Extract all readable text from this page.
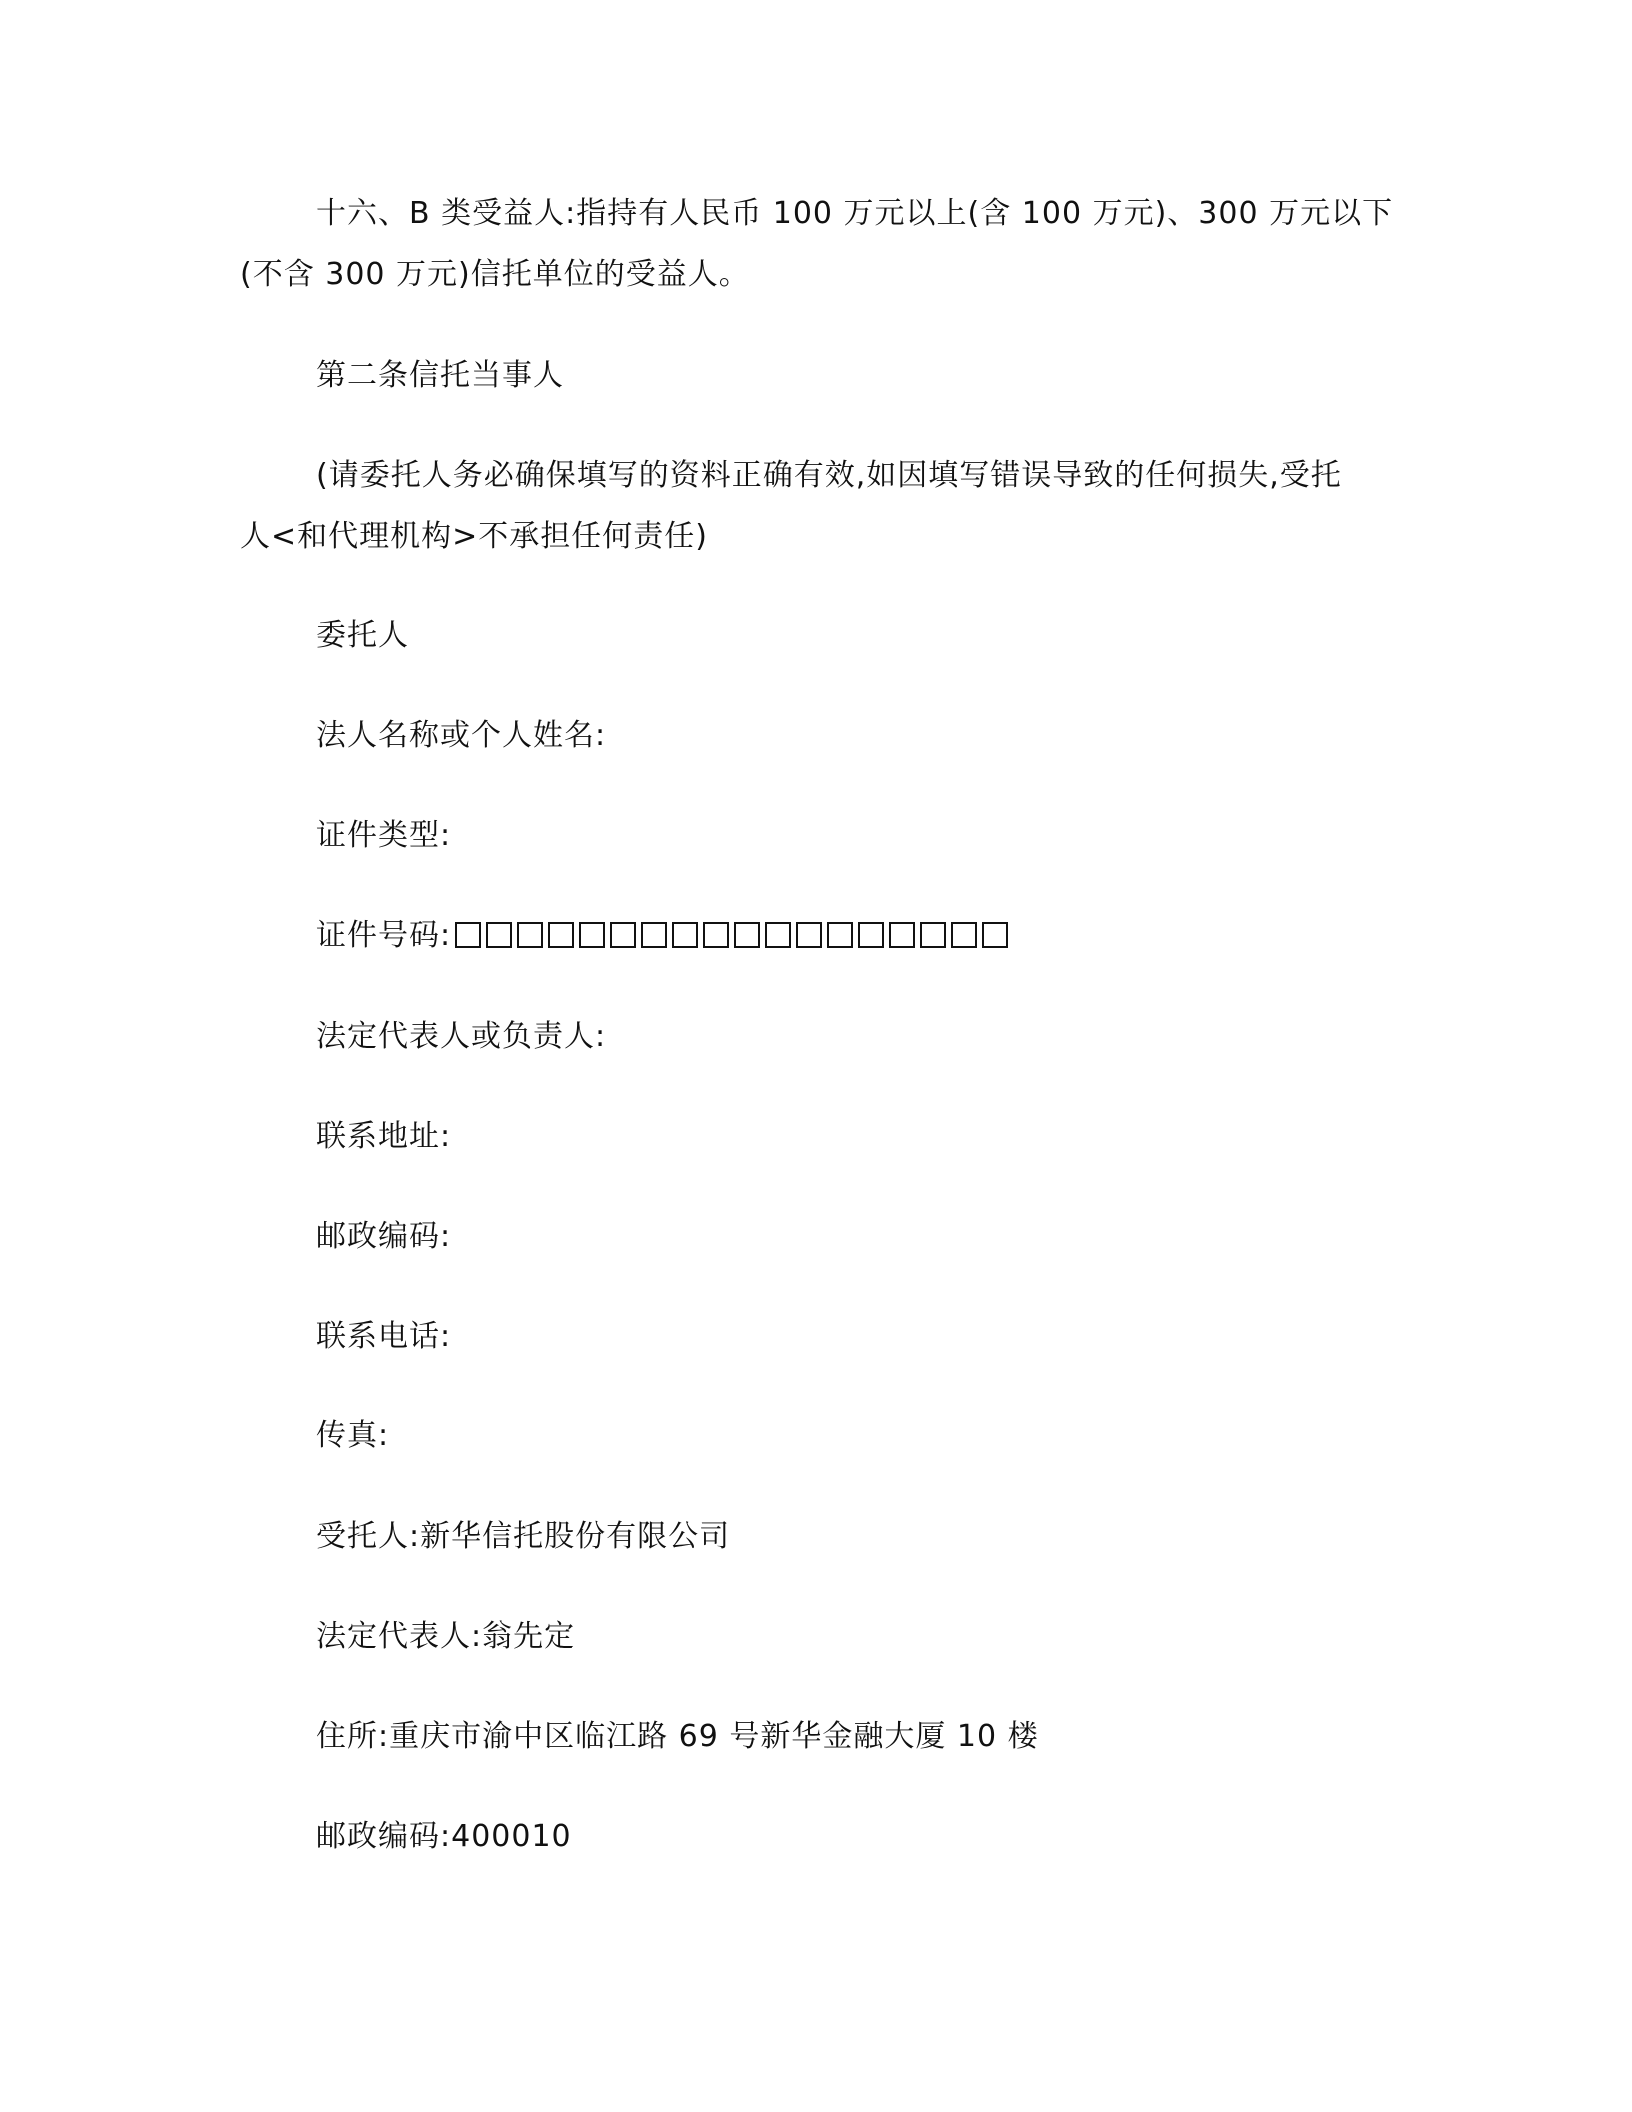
十六、B 类受益人:指持有人民币 100 万元以上(含 100 万元)、300 万元以下

(不含 300 万元)信托单位的受益人。

第二条信托当事人

(请委托人务必确保填写的资料正确有效,如因填写错误导致的任何损失,受托

人<和代理机构>不承担任何责任)

委托人

法人名称或个人姓名:

证件类型:

证件号码:

法定代表人或负责人:

联系地址:

邮政编码:

联系电话:

传真:

受托人:新华信托股份有限公司

法定代表人:翁先定

住所:重庆市渝中区临江路 69 号新华金融大厦 10 楼

邮政编码:400010
